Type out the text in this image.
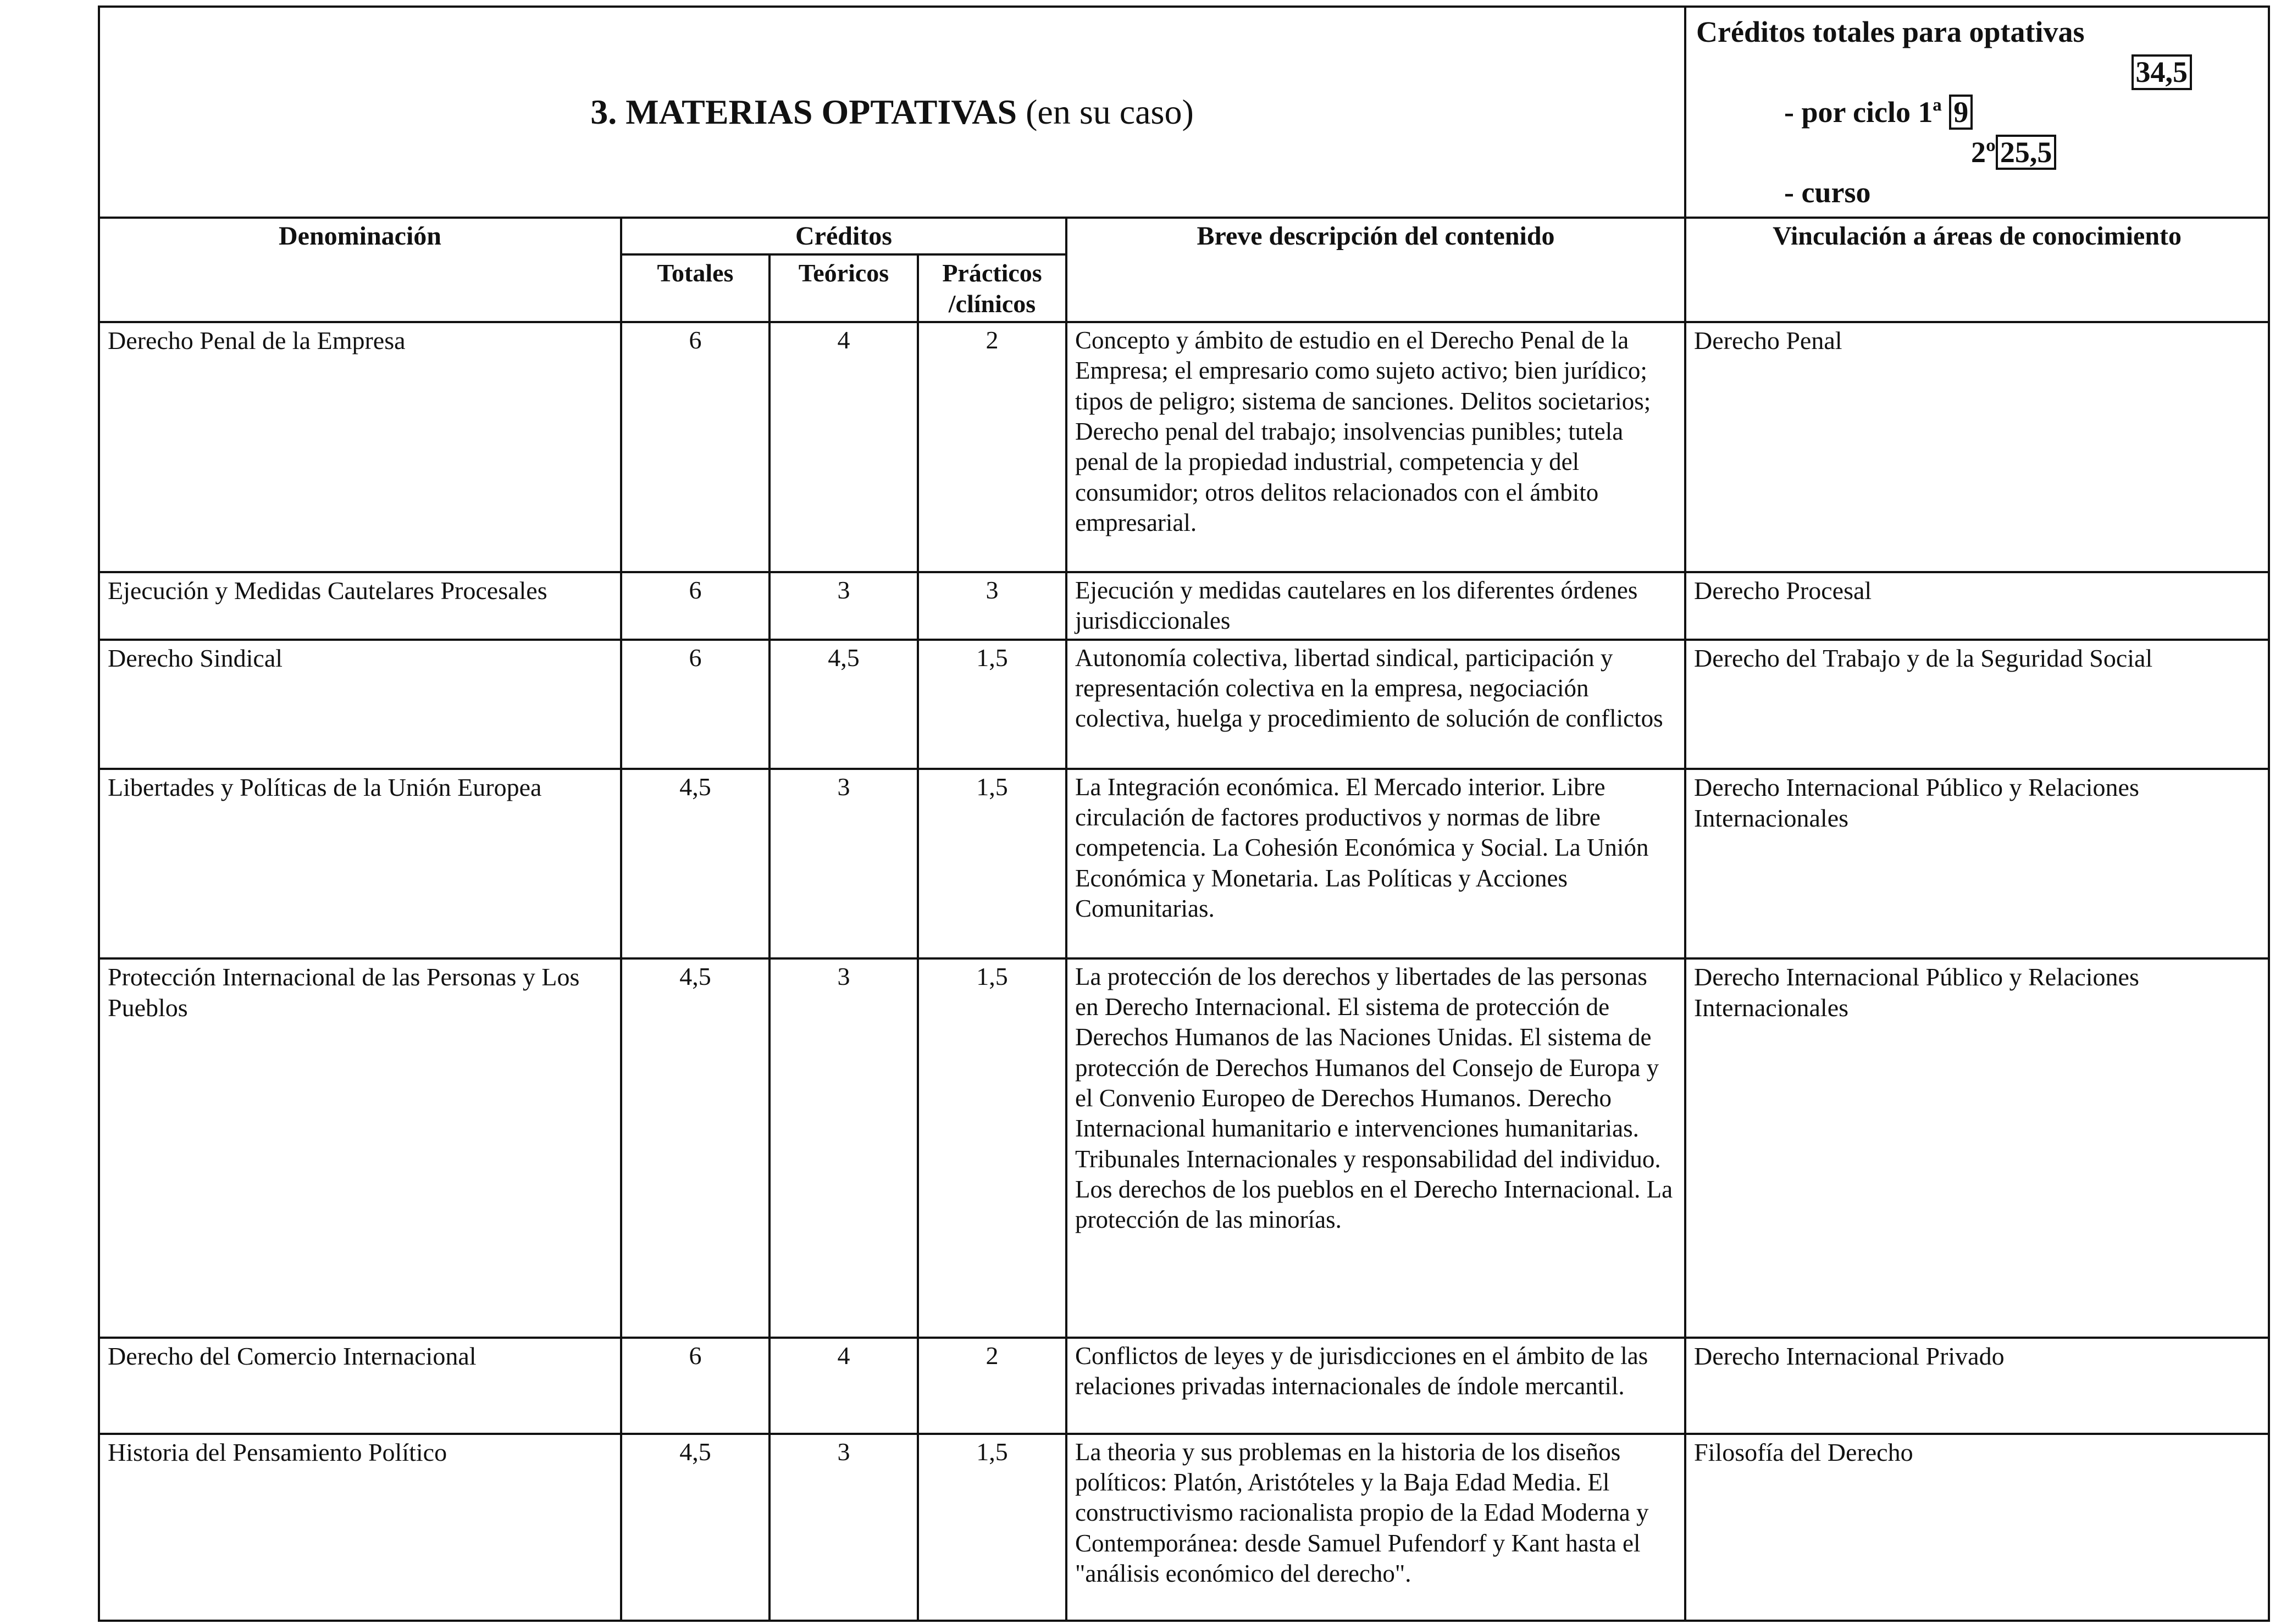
3. MATERIAS OPTATIVAS (en su caso)					Créditos totales para optativas
34,5
- por ciclo 1ª 9
2º 25,5
- curso

Denominación	Créditos			Breve descripción del contenido	Vinculación a áreas de conocimiento
	Totales	Teóricos	Prácticos /clínicos		
Derecho Penal de la Empresa	6	4	2	Concepto y ámbito de estudio en el Derecho Penal de la Empresa; el empresario como sujeto activo; bien jurídico; tipos de peligro; sistema de sanciones. Delitos societarios; Derecho penal del trabajo; insolvencias punibles; tutela penal de la propiedad industrial, competencia y del consumidor; otros delitos relacionados con el ámbito empresarial.	Derecho Penal
Ejecución y Medidas Cautelares Procesales	6	3	3	Ejecución y medidas cautelares en los diferentes órdenes jurisdiccionales	Derecho Procesal
Derecho Sindical	6	4,5	1,5	Autonomía colectiva, libertad sindical, participación y representación colectiva en la empresa, negociación colectiva, huelga y procedimiento de solución de conflictos	Derecho del Trabajo y de la Seguridad Social
Libertades y Políticas de la Unión Europea	4,5	3	1,5	La Integración económica. El Mercado interior. Libre circulación de factores productivos y normas de libre competencia. La Cohesión Económica y Social. La Unión Económica y Monetaria. Las Políticas y Acciones Comunitarias.	Derecho Internacional Público y Relaciones Internacionales
Protección Internacional de las Personas y Los Pueblos	4,5	3	1,5	La protección de los derechos y libertades de las personas en Derecho Internacional. El sistema de protección de Derechos Humanos de las Naciones Unidas. El sistema de protección de Derechos Humanos del Consejo de Europa y el Convenio Europeo de Derechos Humanos. Derecho Internacional humanitario e intervenciones humanitarias. Tribunales Internacionales y responsabilidad del individuo. Los derechos de los pueblos en el Derecho Internacional. La protección de las minorías.	Derecho Internacional Público y Relaciones Internacionales
Derecho del Comercio Internacional	6	4	2	Conflictos de leyes y de jurisdicciones en el ámbito de las relaciones privadas internacionales de índole mercantil.	Derecho Internacional Privado
Historia del Pensamiento Político	4,5	3	1,5	La theoria y sus problemas en la historia de los diseños políticos: Platón, Aristóteles y la Baja Edad Media. El constructivismo racionalista propio de la Edad Moderna y Contemporánea: desde Samuel Pufendorf y Kant hasta el "análisis económico del derecho".	Filosofía del Derecho
